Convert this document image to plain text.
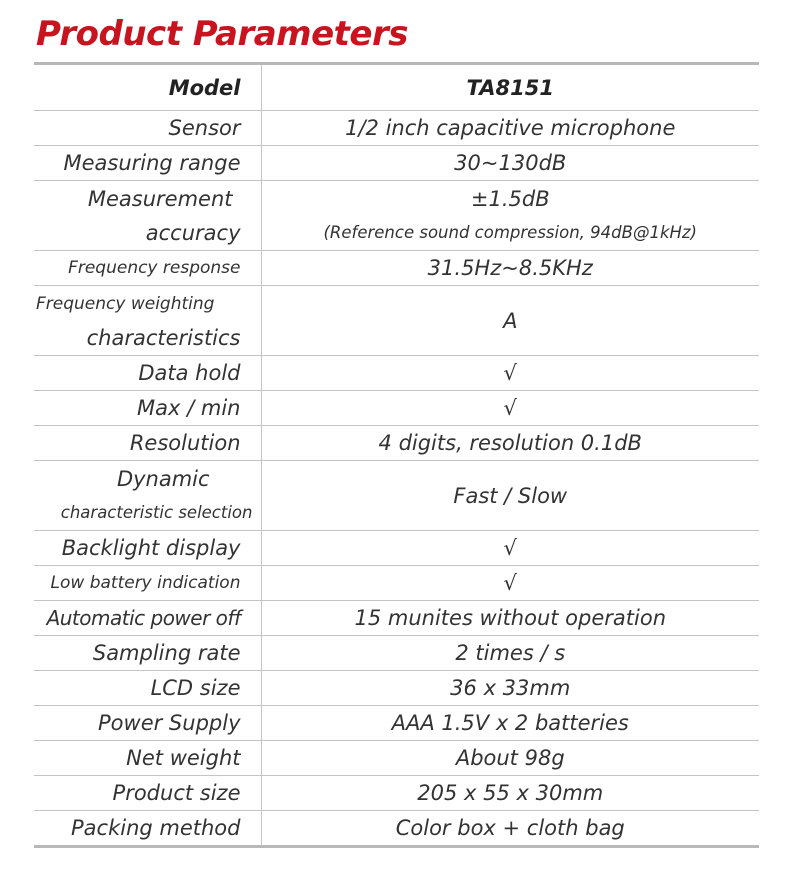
Product Parameters
Model	TA8151
Sensor	1/2 inch capacitive microphone
Measuring range	30~130dB

Measurement
accuracy	±1.5dB
(Reference sound compression, 94dB@1kHz)

Frequency response	31.5Hz~8.5KHz

Frequency weighting
characteristics	A
Data hold	√
Max / min	√
Resolution	4 digits, resolution 0.1dB

Dynamic
characteristic selection	Fast / Slow
Backlight display	√
Low battery indication	√
Automatic power off	15 munites without operation
Sampling rate	2 times / s
LCD size	36 x 33mm
Power Supply	AAA 1.5V x 2 batteries
Net weight	About 98g
Product size	205 x 55 x 30mm
Packing method	Color box + cloth bag
